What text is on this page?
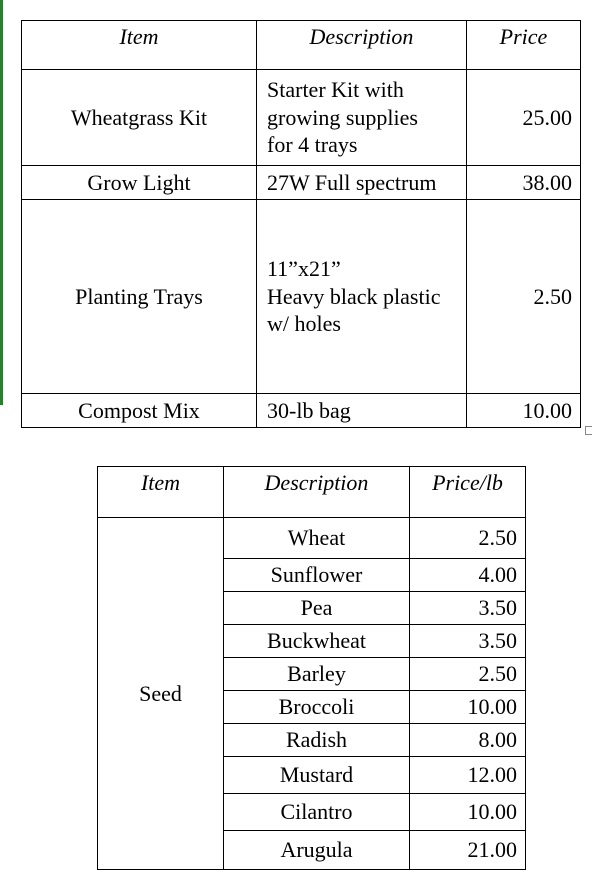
Item	Description	Price
Wheatgrass Kit	Starter Kit with
growing supplies
for 4 trays	25.00
Grow Light	27W Full spectrum	38.00
Planting Trays	11”x21”
Heavy black plastic
w/ holes	2.50
Compost Mix	30-lb bag	10.00
Item	Description	Price/lb
Seed	Wheat	2.50
	Sunflower	4.00
	Pea	3.50
	Buckwheat	3.50
	Barley	2.50
	Broccoli	10.00
	Radish	8.00
	Mustard	12.00
	Cilantro	10.00
	Arugula	21.00
